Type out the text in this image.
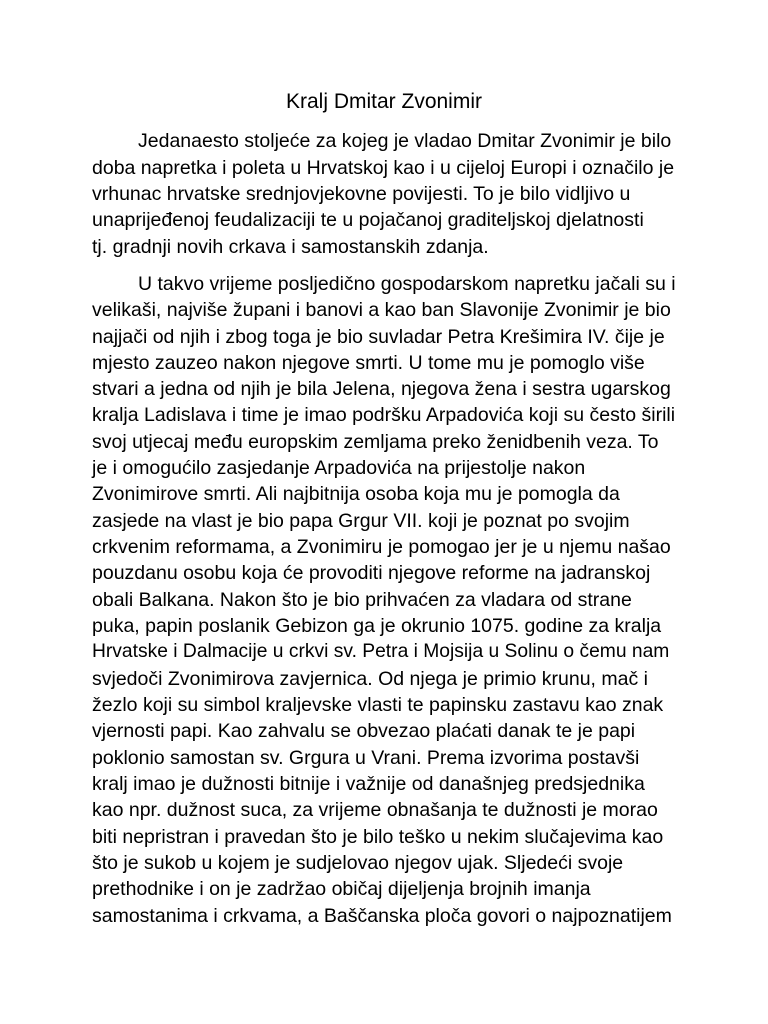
Kralj Dmitar Zvonimir
Jedanaesto stoljeće za kojeg je vladao Dmitar Zvonimir je bilo
doba napretka i poleta u Hrvatskoj kao i u cijeloj Europi i označilo je
vrhunac hrvatske srednjovjekovne povijesti. To je bilo vidljivo u
unaprijeđenoj feudalizaciji te u pojačanoj graditeljskoj djelatnosti
tj. gradnji novih crkava i samostanskih zdanja.
U takvo vrijeme posljedično gospodarskom napretku jačali su i
velikaši, najviše župani i banovi a kao ban Slavonije Zvonimir je bio
najjači od njih i zbog toga je bio suvladar Petra Krešimira IV. čije je
mjesto zauzeo nakon njegove smrti. U tome mu je pomoglo više
stvari a jedna od njih je bila Jelena, njegova žena i sestra ugarskog
kralja Ladislava i time je imao podršku Arpadovića koji su često širili
svoj utjecaj među europskim zemljama preko ženidbenih veza. To
je i omogućilo zasjedanje Arpadovića na prijestolje nakon
Zvonimirove smrti. Ali najbitnija osoba koja mu je pomogla da
zasjede na vlast je bio papa Grgur VII. koji je poznat po svojim
crkvenim reformama, a Zvonimiru je pomogao jer je u njemu našao
pouzdanu osobu koja će provoditi njegove reforme na jadranskoj
obali Balkana. Nakon što je bio prihvaćen za vladara od strane
puka, papin poslanik Gebizon ga je okrunio 1075. godine za kralja
Hrvatske i Dalmacije u crkvi sv. Petra i Mojsija u Solinu o čemu nam
svjedoči Zvonimirova zavjernica. Od njega je primio krunu, mač i
žezlo koji su simbol kraljevske vlasti te papinsku zastavu kao znak
vjernosti papi. Kao zahvalu se obvezao plaćati danak te je papi
poklonio samostan sv. Grgura u Vrani. Prema izvorima postavši
kralj imao je dužnosti bitnije i važnije od današnjeg predsjednika
kao npr. dužnost suca, za vrijeme obnašanja te dužnosti je morao
biti nepristran i pravedan što je bilo teško u nekim slučajevima kao
što je sukob u kojem je sudjelovao njegov ujak. Sljedeći svoje
prethodnike i on je zadržao običaj dijeljenja brojnih imanja
samostanima i crkvama, a Baščanska ploča govori o najpoznatijem
